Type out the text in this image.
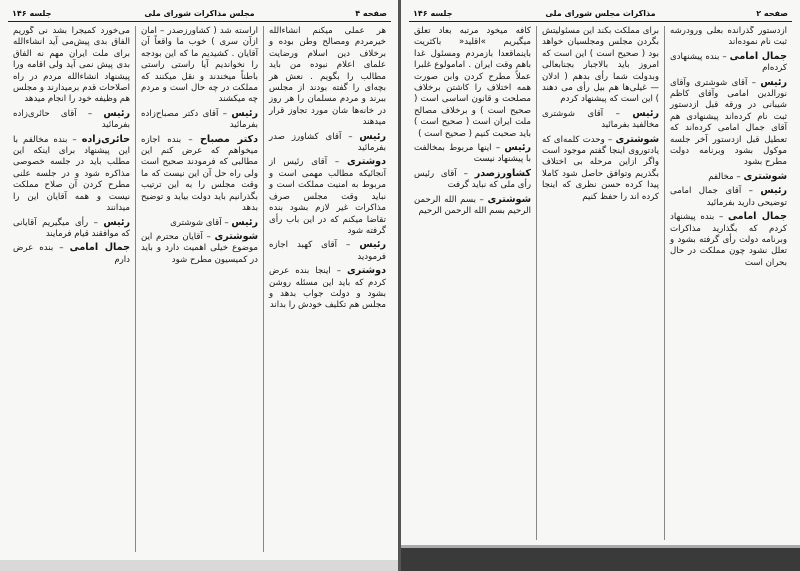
صفحه ۴
مجلس‌ مذاکرات شورای ملی
جلسه ۱۴۶

هر عملی میکنم انشاءالله خیرمردم ومصالح وطن بوده و برخلاف دین اسلام ورضایت علمای اعلام نبوده من باید مطالب را بگویم . نعش هر بچه‌ای را گفته بودند از مجلس ببرند و مردم مسلمان را هر روز در خانه‌ها شان مورد تجاوز قرار میدهند

رئیس – آقای کشاورز صدر بفرمائید

دوشتری – آقای رئیس از آنجائیکه مطالب مهمی است و مربوط به امنیت مملکت است و نباید وقت مجلس صرف مذاکرات غیر لازم بشود بنده تقاضا میکنم که در این باب رأی گرفته شود

رئیس – آقای کهبد اجازه فرمودید

دوشتری – اینجا بنده عرض کردم که باید این مسئله روشن بشود و دولت جواب بدهد و مجلس هم تکلیف خودش را بداند

آراسته شد ( کشاورزصدر – امان ازآن سری ) خوب ما واقعاً آن آقایان . کشیدیم ما که این بودجه را نخواندیم آیا راستی راستی باطناً میخندند و نقل میکنند که مملکت در چه حال است و مردم چه میکشند

رئیس – آقای دکتر مصباح‌زاده بفرمائید

دکتر مصباح – بنده اجازه میخواهم که عرض کنم این مطالبی که فرمودند صحیح است ولی راه حل آن این نیست که ما وقت مجلس را به این ترتیب بگذرانیم باید دولت بیاید و توضیح بدهد

رئیس – آقای شوشتری

شوشتری – آقایان محترم این موضوع خیلی اهمیت دارد و باید در کمیسیون مطرح شود

می‌خورد کمیجرا بشد نی گوریم الفاق بدی پیش‌می آید انشاءالله برای ملت ایران مهم نه الفاق بدی پیش نمی آید ولی اقامه ورا پیشنهاد انشاءالله مردم در راه اصلاحات قدم برمیدارند و مجلس هم وظیفه خود را انجام میدهد

رئیس – آقای حائری‌زاده بفرمائید

حائری‌زاده – بنده مخالفم با این پیشنهاد برای اینکه این مطلب باید در جلسه خصوصی مذاکره شود و در جلسه علنی مطرح کردن آن صلاح مملکت نیست و همه آقایان این را میدانند

رئیس – رأی میگیریم آقایانی که موافقند قیام فرمایند

جمال امامی – بنده عرض دارم

صفحه ۲
مذاکرات مجلس شورای ملی
جلسه ۱۴۶

ازدستور گذرانده بعلی ورودرشه ثبت نام نموده‌اند

جمال امامی – بنده پیشنهادی کرده‌ام

رئیس – آقای شوشتری وآقای نورالدین امامی وآقای کاظم شیبانی در ورقه قبل ازدستور ثبت نام کرده‌اند پیشنهادی هم آقای جمال امامی کرده‌اند که تعطیل قبل ازدستور آخر جلسه موکول بشود وبرنامه دولت مطرح بشود

شوشتری – مخالفم

رئیس – آقای جمال امامی توضیحی دارید بفرمائید

جمال امامی – بنده پیشنهاد کردم که بگذارید مذاکرات وبرنامه دولت رأی گرفته بشود و تعلل نشود چون مملکت در حال بحران است

برای مملکت بکند این مسئولیتش بگردن مجلس ومجلسیان خواهد بود ( صحیح است ) این است که امروز باید بالاجبار بجنابعالی وبدولت شما رأی بدهم ( ادلان — غیلی‌ها هم بیل رأی می دهند ) این است که پیشنهاد کردم

رئیس – آقای شوشتری مخالفید بفرمائید

شوشتری – وحدت کلمه‌ای که یادتوروی اینجا گفتم موجود است واگر ازاین مرحله بی اختلاف بگذریم وتوافق حاصل شود کاملا پیدا کرده حسن نظری که اینجا کرده اند را حفظ کنیم

کافه میخود مرتبه بعاد تعلق میگیریم »اقلید« باکثریت باینماقعدا بازمردم ومسئول غدا باهم وقت ایران . امامولوع غلبرا عملاً مطرح کردن وابن صورت همه اختلاف را کاشتن برخلاف مصلحت و قانون اساسی است ( صحیح است ) و برخلاف مصالح ملت ایران است ( صحیح است ) باید صحبت کنیم ( صحیح است )

رئیس – اینها مربوط بمخالفت با پیشنهاد نیست

کشاورزصدر – آقای رئیس رأی ملی که نباید گرفت

شوشتری – بسم الله الرحمن الرحیم بسم الله الرحمن الرحیم
